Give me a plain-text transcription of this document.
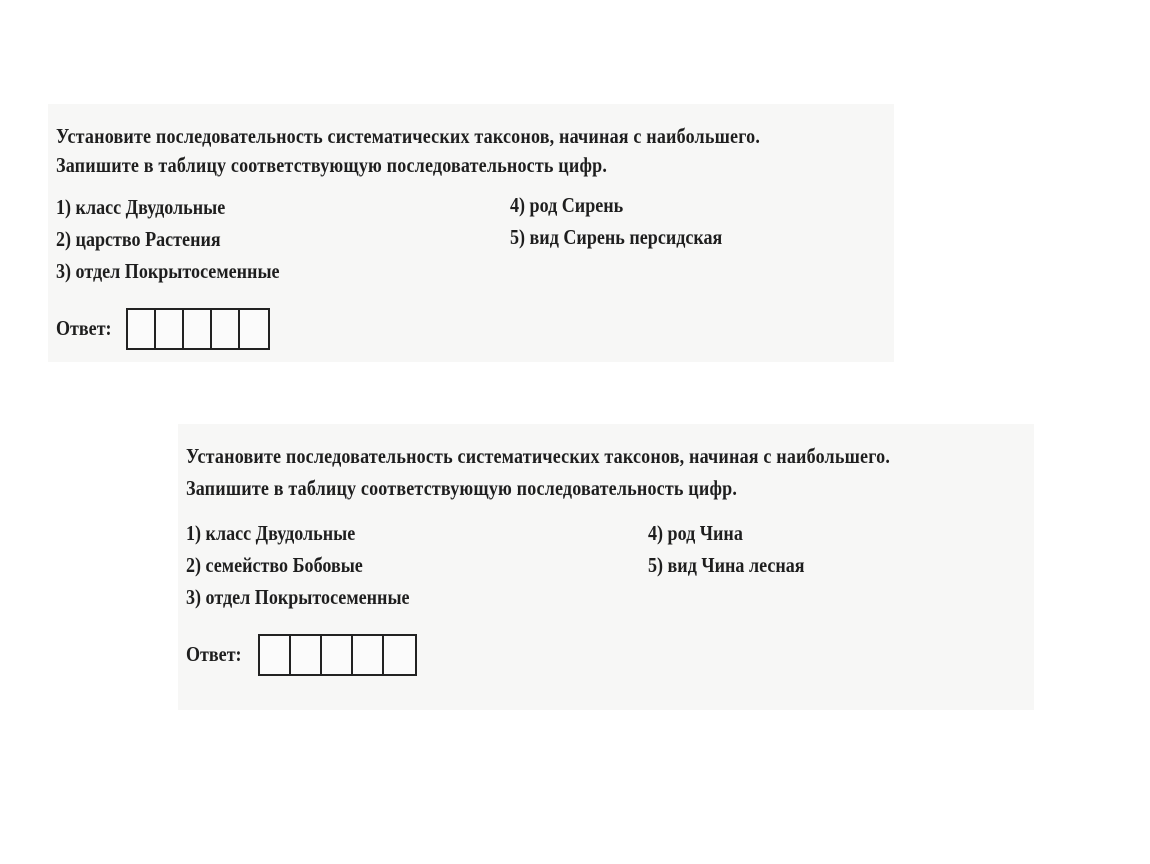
Установите последовательность систематических таксонов, начиная с наибольшего.
Запишите в таблицу соответствующую последовательность цифр.
1) класс Двудольные
2) царство Растения
3) отдел Покрытосеменные
4) род Сирень
5) вид Сирень персидская
Ответ:
Установите последовательность систематических таксонов, начиная с наибольшего.
Запишите в таблицу соответствующую последовательность цифр.
1) класс Двудольные
2) семейство Бобовые
3) отдел Покрытосеменные
4) род Чина
5) вид Чина лесная
Ответ:
